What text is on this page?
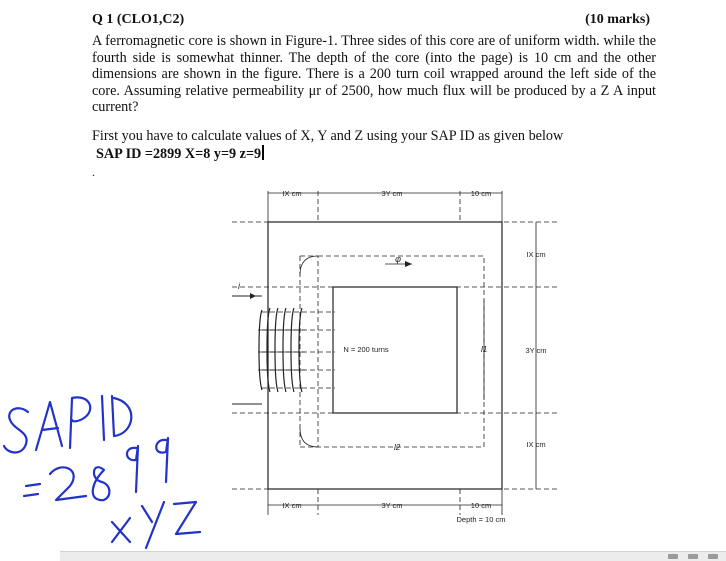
Q 1 (CLO1,C2)	(10 marks)
A ferromagnetic core is shown in Figure-1. Three sides of this core are of uniform width. while the fourth side is somewhat thinner. The depth of the core (into the page) is 10 cm and the other dimensions are shown in the figure. There is a 200 turn coil wrapped around the left side of the core. Assuming relative permeability μr of 2500, how much flux will be produced by a Z A input current?
First you have to calculate values of X, Y and Z using your SAP ID as given below
SAP ID =2899 X=8 y=9 z=9
.
IX cm	3Y cm	10 cm
IX cm	3Y cm	10 cm
IX cm
3Y cm
IX cm
Depth = 10 cm
N = 200 turns
φ
i
l1
l2
